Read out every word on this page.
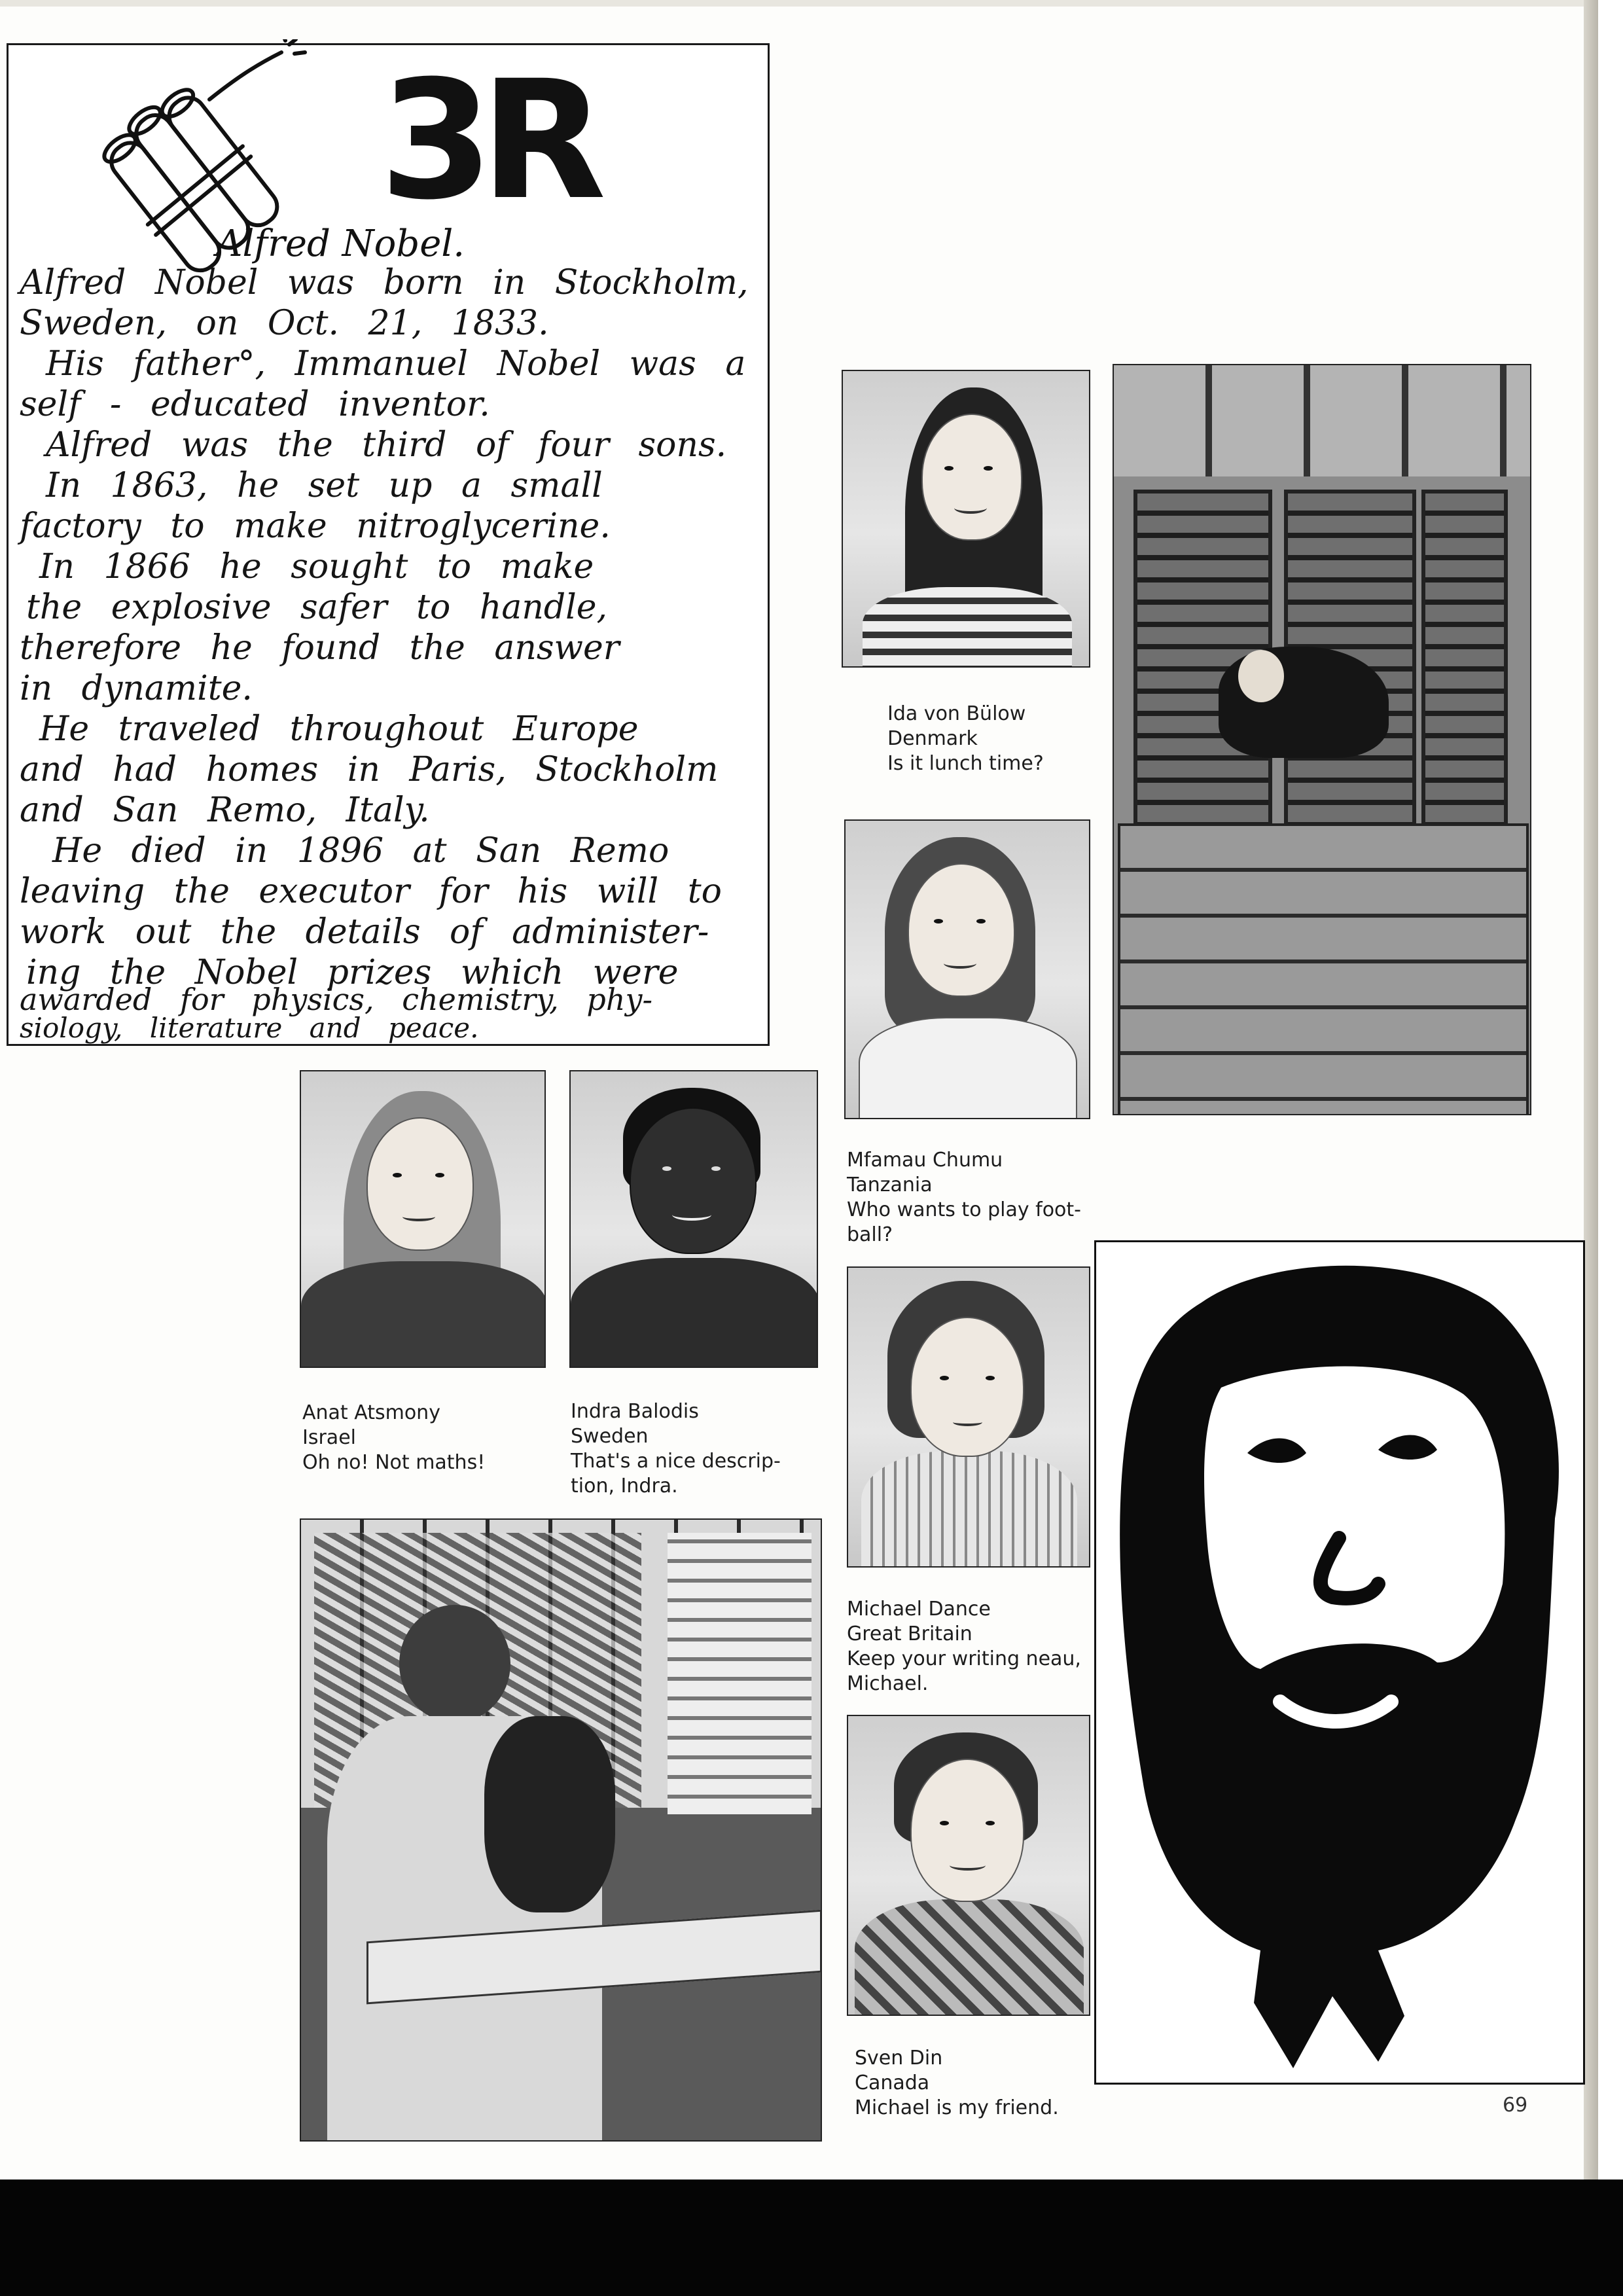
3R
Alfred Nobel.
Alfred Nobel was born in Stockholm,
Sweden, on Oct. 21, 1833.
His father°, Immanuel Nobel was a
self - educated inventor.
Alfred was the third of four sons.
In 1863, he set up a small
factory to make nitroglycerine.
In 1866 he sought to make
the explosive safer to handle,
therefore he found the answer
in dynamite.
He traveled throughout Europe
and had homes in Paris, Stockholm
and San Remo, Italy.
He died in 1896 at San Remo
leaving the executor for his will to
work out the details of administer-
ing the Nobel prizes which were
awarded for physics, chemistry, phy-
siology, literature and peace.
Ida von Bülow
Denmark
Is it lunch time?
Mfamau Chumu
Tanzania
Who wants to play foot-
ball?
Anat Atsmony
Israel
Oh no! Not maths!
Indra Balodis
Sweden
That's a nice descrip-
tion, Indra.
Michael Dance
Great Britain
Keep your writing neau,
Michael.
Sven Din
Canada
Michael is my friend.	69
